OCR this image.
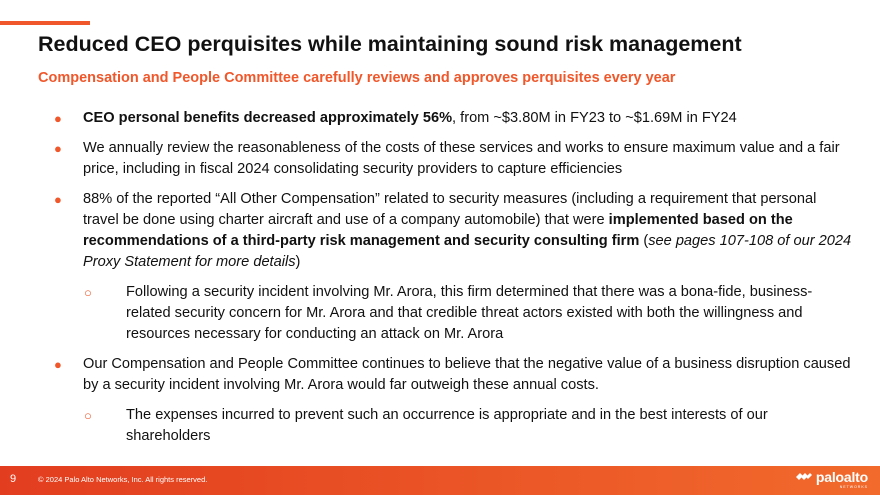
Reduced CEO perquisites while maintaining sound risk management
Compensation and People Committee carefully reviews and approves perquisites every year
● CEO personal benefits decreased approximately 56%, from ~$3.80M in FY23 to ~$1.69M in FY24
● We annually review the reasonableness of the costs of these services and works to ensure maximum value and a fair price, including in fiscal 2024 consolidating security providers to capture efficiencies
● 88% of the reported “All Other Compensation” related to security measures (including a requirement that personal travel be done using charter aircraft and use of a company automobile) that were implemented based on the recommendations of a third-party risk management and security consulting firm (see pages 107-108 of our 2024 Proxy Statement for more details)
○ Following a security incident involving Mr. Arora, this firm determined that there was a bona-fide, business-related security concern for Mr. Arora and that credible threat actors existed with both the willingness and resources necessary for conducting an attack on Mr. Arora
● Our Compensation and People Committee continues to believe that the negative value of a business disruption caused by a security incident involving Mr. Arora would far outweigh these annual costs.
○ The expenses incurred to prevent such an occurrence is appropriate and in the best interests of our shareholders
9	© 2024 Palo Alto Networks, Inc. All rights reserved.	paloalto
NETWORKS
